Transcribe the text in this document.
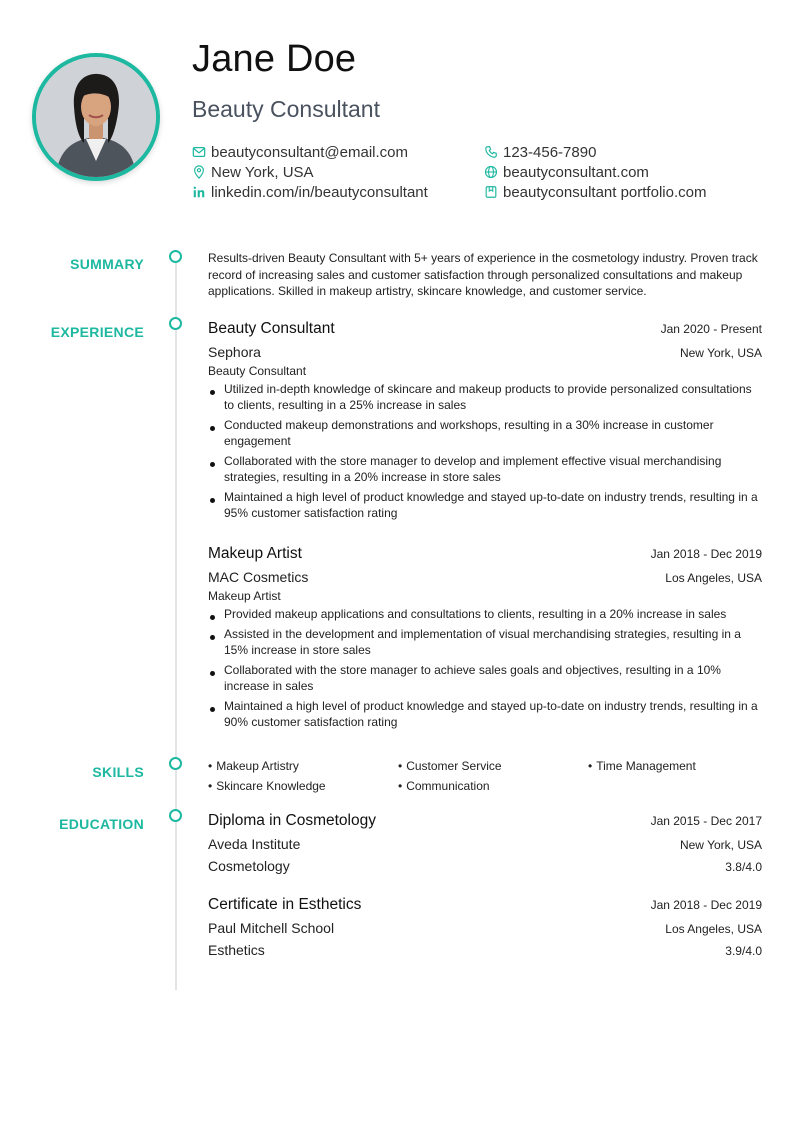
Jane Doe
Beauty Consultant
beautyconsultant@email.com	123-456-7890
New York, USA	beautyconsultant.com
linkedin.com/in/beautyconsultant	beautyconsultant portfolio.com
SUMMARY
EXPERIENCE
SKILLS
EDUCATION

Results-driven Beauty Consultant with 5+ years of experience in the cosmetology industry. Proven track record of increasing sales and customer satisfaction through personalized consultations and makeup applications. Skilled in makeup artistry, skincare knowledge, and customer service.

Beauty Consultant	Jan 2020 - Present
Sephora	New York, USA
Beauty Consultant
Utilized in-depth knowledge of skincare and makeup products to provide personalized consultations to clients, resulting in a 25% increase in sales
Conducted makeup demonstrations and workshops, resulting in a 30% increase in customer engagement
Collaborated with the store manager to develop and implement effective visual merchandising strategies, resulting in a 20% increase in store sales
Maintained a high level of product knowledge and stayed up-to-date on industry trends, resulting in a 95% customer satisfaction rating
Makeup Artist	Jan 2018 - Dec 2019
MAC Cosmetics	Los Angeles, USA
Makeup Artist
Provided makeup applications and consultations to clients, resulting in a 20% increase in sales
Assisted in the development and implementation of visual merchandising strategies, resulting in a 15% increase in store sales
Collaborated with the store manager to achieve sales goals and objectives, resulting in a 10% increase in sales
Maintained a high level of product knowledge and stayed up-to-date on industry trends, resulting in a 90% customer satisfaction rating
• Makeup Artistry	• Customer Service	• Time Management
• Skincare Knowledge	• Communication
Diploma in Cosmetology	Jan 2015 - Dec 2017
Aveda Institute	New York, USA
Cosmetology	3.8/4.0
Certificate in Esthetics	Jan 2018 - Dec 2019
Paul Mitchell School	Los Angeles, USA
Esthetics	3.9/4.0
